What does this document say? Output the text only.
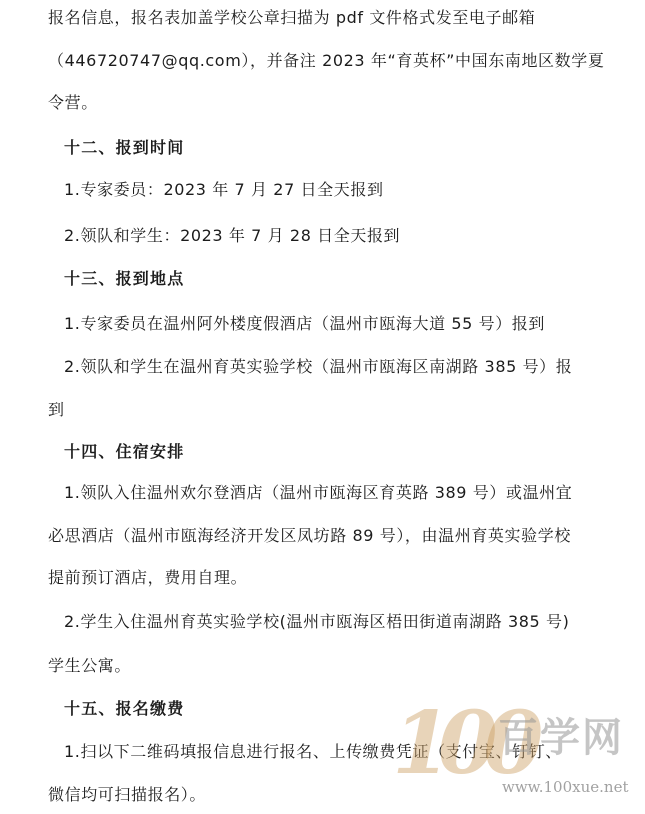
报名信息，报名表加盖学校公章扫描为 pdf 文件格式发至电子邮箱
（446720747@qq.com），并备注 2023 年“育英杯”中国东南地区数学夏
令营。
十二、报到时间
1.专家委员：2023 年 7 月 27 日全天报到
2.领队和学生：2023 年 7 月 28 日全天报到
十三、报到地点
1.专家委员在温州阿外楼度假酒店（温州市瓯海大道 55 号）报到
2.领队和学生在温州育英实验学校（温州市瓯海区南湖路 385 号）报
到
十四、住宿安排
1.领队入住温州欢尔登酒店（温州市瓯海区育英路 389 号）或温州宜
必思酒店（温州市瓯海经济开发区凤坊路 89 号），由温州育英实验学校
提前预订酒店，费用自理。
2.学生入住温州育英实验学校(温州市瓯海区梧田街道南湖路 385 号)
学生公寓。
十五、报名缴费
1.扫以下二维码填报信息进行报名、上传缴费凭证（支付宝、钉钉、
微信均可扫描报名）。
100
百学网
www.100xue.net
